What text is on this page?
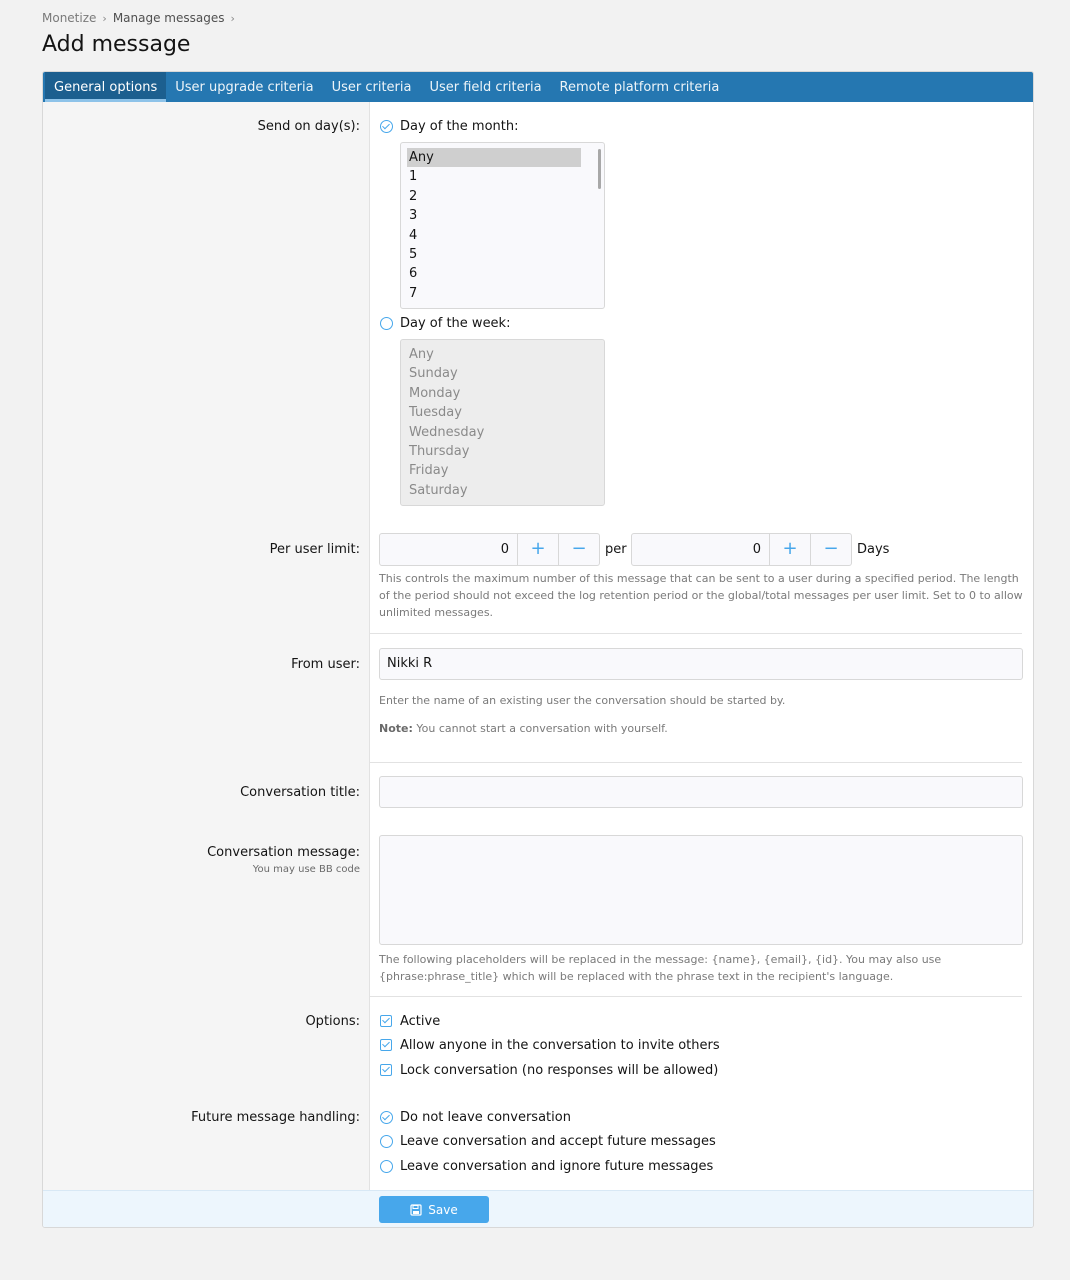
Monetize › Manage messages ›
Add message
General options	User upgrade criteria	User criteria	User field criteria	Remote platform criteria
Send on day(s):	Day of the month:
Any
1
2
3
4
5
6
7
Day of the week:
Any
Sunday
Monday
Tuesday
Wednesday
Thursday
Friday
Saturday
Per user limit:	0	+	−	per	0	+	−	Days
This controls the maximum number of this message that can be sent to a user during a specified period. The length of the period should not exceed the log retention period or the global/total messages per user limit. Set to 0 to allow unlimited messages.
From user:	Nikki R
Enter the name of an existing user the conversation should be started by.
Note: You cannot start a conversation with yourself.
Conversation title:
Conversation message:
You may use BB code
The following placeholders will be replaced in the message: {name}, {email}, {id}. You may also use {phrase:phrase_title} which will be replaced with the phrase text in the recipient's language.
Options:	Active
Allow anyone in the conversation to invite others
Lock conversation (no responses will be allowed)
Future message handling:	Do not leave conversation
Leave conversation and accept future messages
Leave conversation and ignore future messages
Save
